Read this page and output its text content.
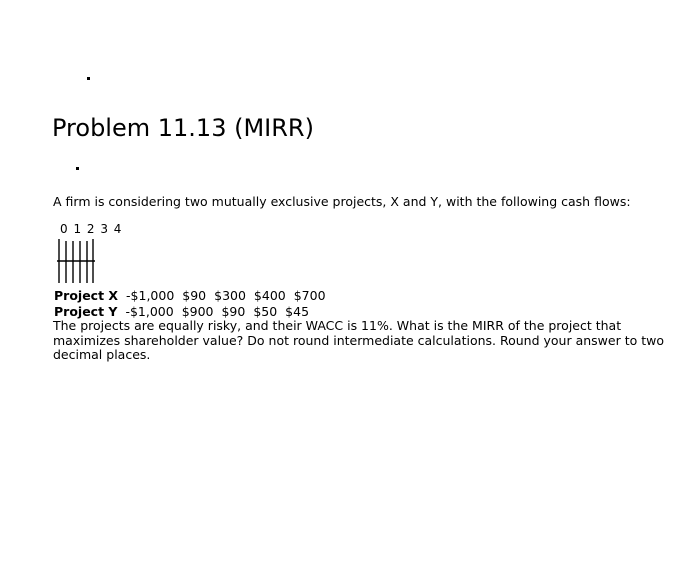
Problem 11.13 (MIRR)
A firm is considering two mutually exclusive projects, X and Y, with the following cash flows:
0 1 2 3 4
Project X -$1,000 $90 $300 $400 $700
Project Y -$1,000 $900 $90 $50 $45
The projects are equally risky, and their WACC is 11%. What is the MIRR of the project that maximizes shareholder value? Do not round intermediate calculations. Round your answer to two decimal places.
